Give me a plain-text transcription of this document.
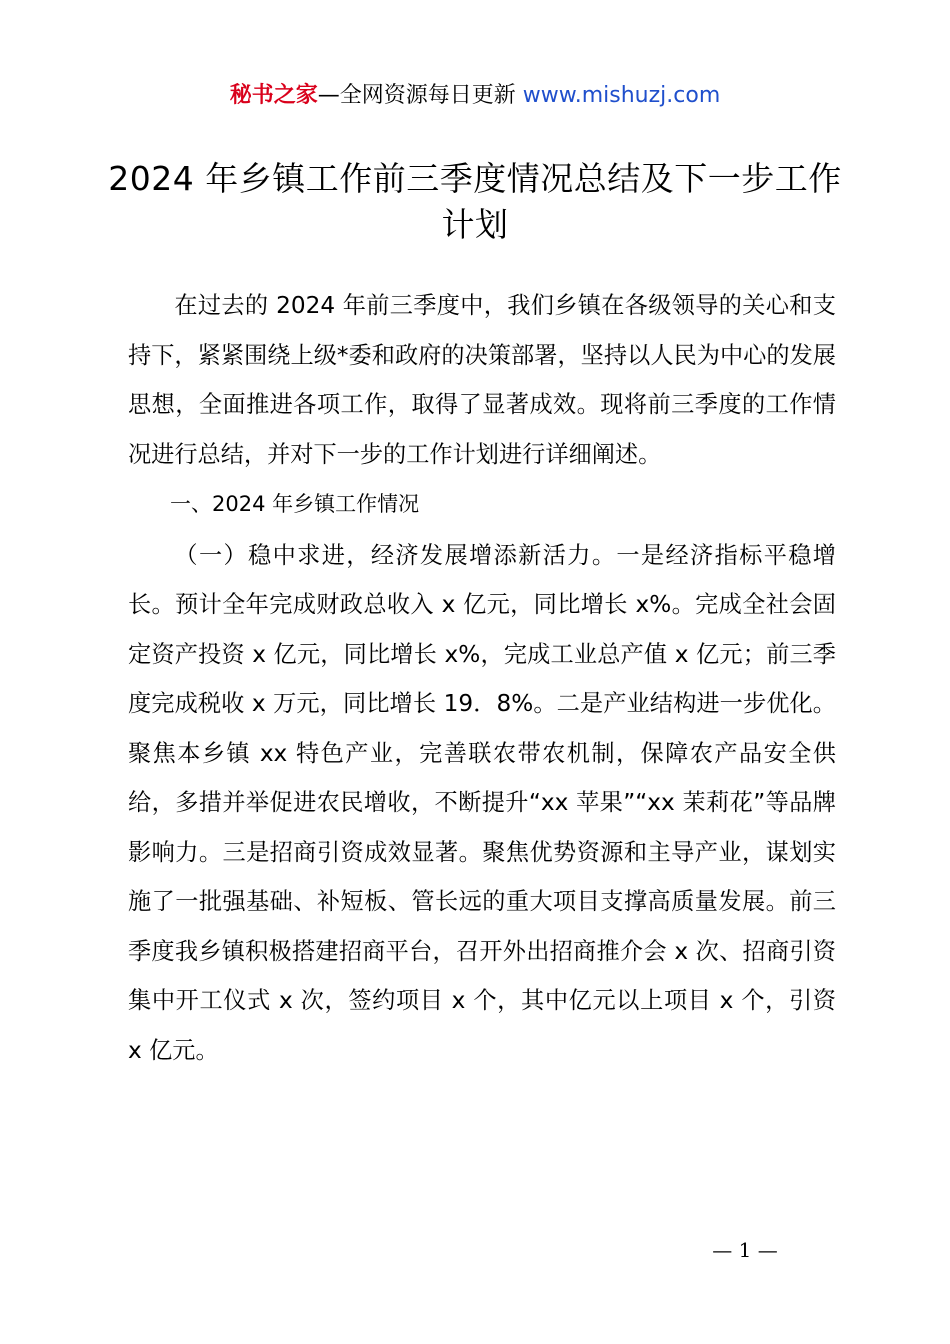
秘书之家—全网资源每日更新 www.mishuzj.com
2024 年乡镇工作前三季度情况总结及下一步工作计划

在过去的 2024 年前三季度中，我们乡镇在各级领导的关心和支持下，紧紧围绕上级*委和政府的决策部署，坚持以人民为中心的发展思想，全面推进各项工作，取得了显著成效。现将前三季度的工作情况进行总结，并对下一步的工作计划进行详细阐述。

一、2024 年乡镇工作情况

（一）稳中求进，经济发展增添新活力。一是经济指标平稳增长。预计全年完成财政总收入 x 亿元，同比增长 x%。完成全社会固定资产投资 x 亿元，同比增长 x%，完成工业总产值 x 亿元；前三季度完成税收 x 万元，同比增长 19．8%。二是产业结构进一步优化。聚焦本乡镇 xx 特色产业，完善联农带农机制，保障农产品安全供给，多措并举促进农民增收，不断提升“xx 苹果”“xx 茉莉花”等品牌影响力。三是招商引资成效显著。聚焦优势资源和主导产业，谋划实施了一批强基础、补短板、管长远的重大项目支撑高质量发展。前三季度我乡镇积极搭建招商平台，召开外出招商推介会 x 次、招商引资集中开工仪式 x 次，签约项目 x 个，其中亿元以上项目 x 个，引资 x 亿元。

— 1 —
